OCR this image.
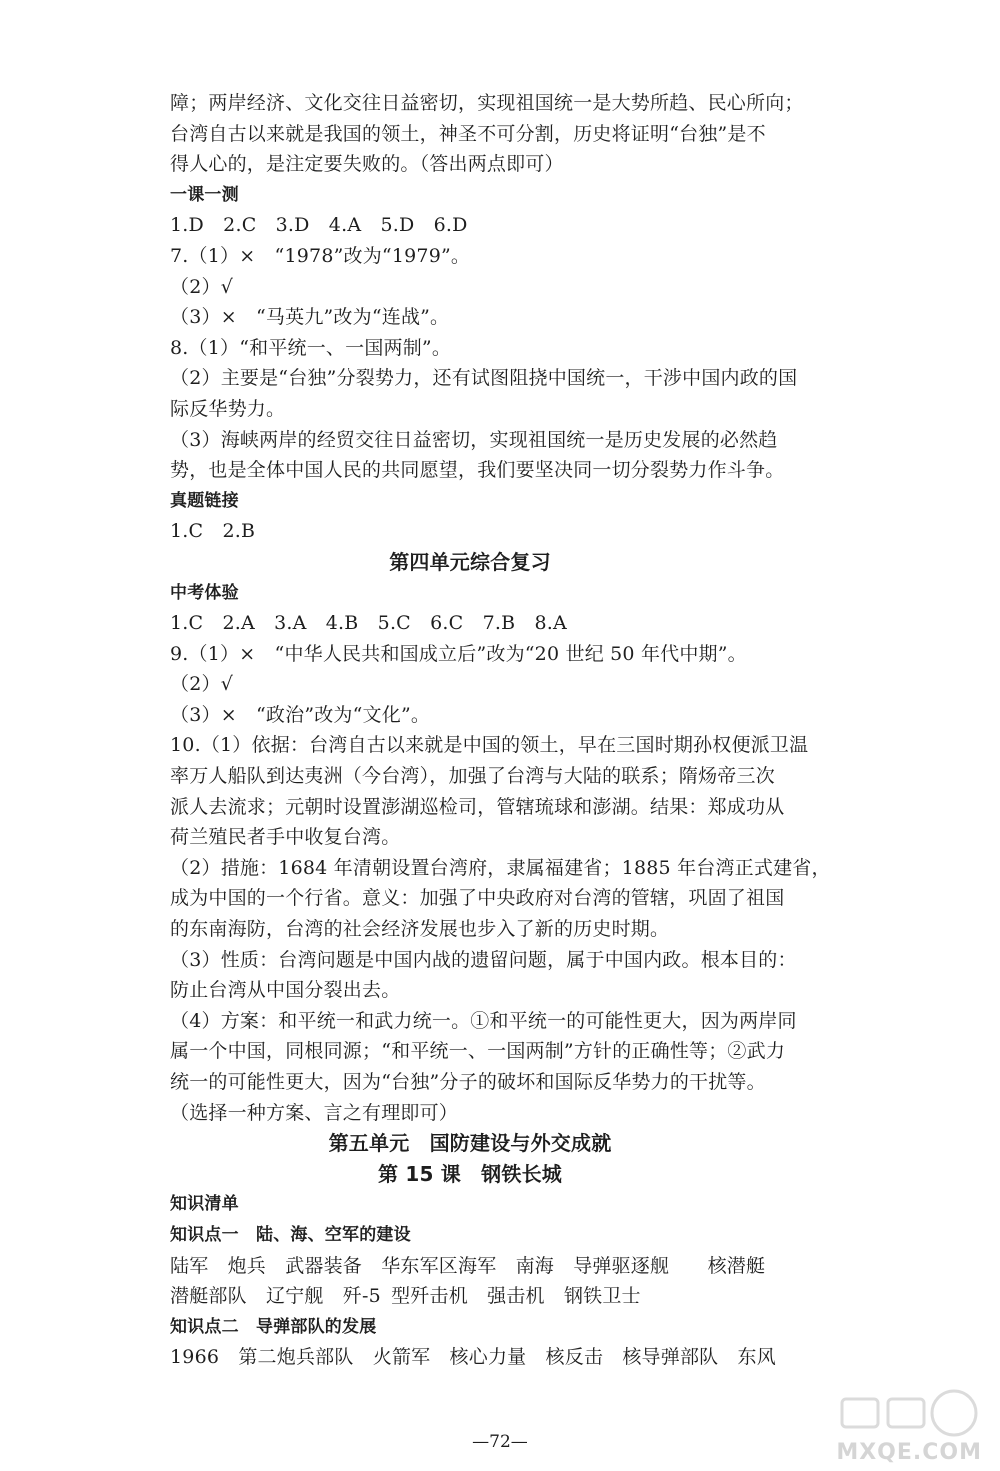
障；两岸经济、文化交往日益密切，实现祖国统一是大势所趋、民心所向；
台湾自古以来就是我国的领土，神圣不可分割，历史将证明“台独”是不
得人心的，是注定要失败的。（答出两点即可）
一课一测
1.D　2.C　3.D　4.A　5.D　6.D
7.（1）×　“1978”改为“1979”。
（2）√
（3）×　“马英九”改为“连战”。
8.（1）“和平统一、一国两制”。
（2）主要是“台独”分裂势力，还有试图阻挠中国统一，干涉中国内政的国
际反华势力。
（3）海峡两岸的经贸交往日益密切，实现祖国统一是历史发展的必然趋
势，也是全体中国人民的共同愿望，我们要坚决同一切分裂势力作斗争。
真题链接
1.C　2.B
第四单元综合复习
中考体验
1.C　2.A　3.A　4.B　5.C　6.C　7.B　8.A
9.（1）×　“中华人民共和国成立后”改为“20 世纪 50 年代中期”。
（2）√
（3）×　“政治”改为“文化”。
10.（1）依据：台湾自古以来就是中国的领土，早在三国时期孙权便派卫温
率万人船队到达夷洲（今台湾），加强了台湾与大陆的联系；隋炀帝三次
派人去流求；元朝时设置澎湖巡检司，管辖琉球和澎湖。结果：郑成功从
荷兰殖民者手中收复台湾。
（2）措施：1684 年清朝设置台湾府，隶属福建省；1885 年台湾正式建省，
成为中国的一个行省。意义：加强了中央政府对台湾的管辖，巩固了祖国
的东南海防，台湾的社会经济发展也步入了新的历史时期。
（3）性质：台湾问题是中国内战的遗留问题，属于中国内政。根本目的：
防止台湾从中国分裂出去。
（4）方案：和平统一和武力统一。①和平统一的可能性更大，因为两岸同
属一个中国，同根同源；“和平统一、一国两制”方针的正确性等；②武力
统一的可能性更大，因为“台独”分子的破坏和国际反华势力的干扰等。
（选择一种方案、言之有理即可）
第五单元　国防建设与外交成就
第 15 课　钢铁长城
知识清单
知识点一　陆、海、空军的建设
陆军　炮兵　武器装备　华东军区海军　南海　导弹驱逐舰　　核潜艇
潜艇部队　辽宁舰　歼-5 型歼击机　强击机　钢铁卫士
知识点二　导弹部队的发展
1966　第二炮兵部队　火箭军　核心力量　核反击　核导弹部队　东风
—72—	MXQE.COM
